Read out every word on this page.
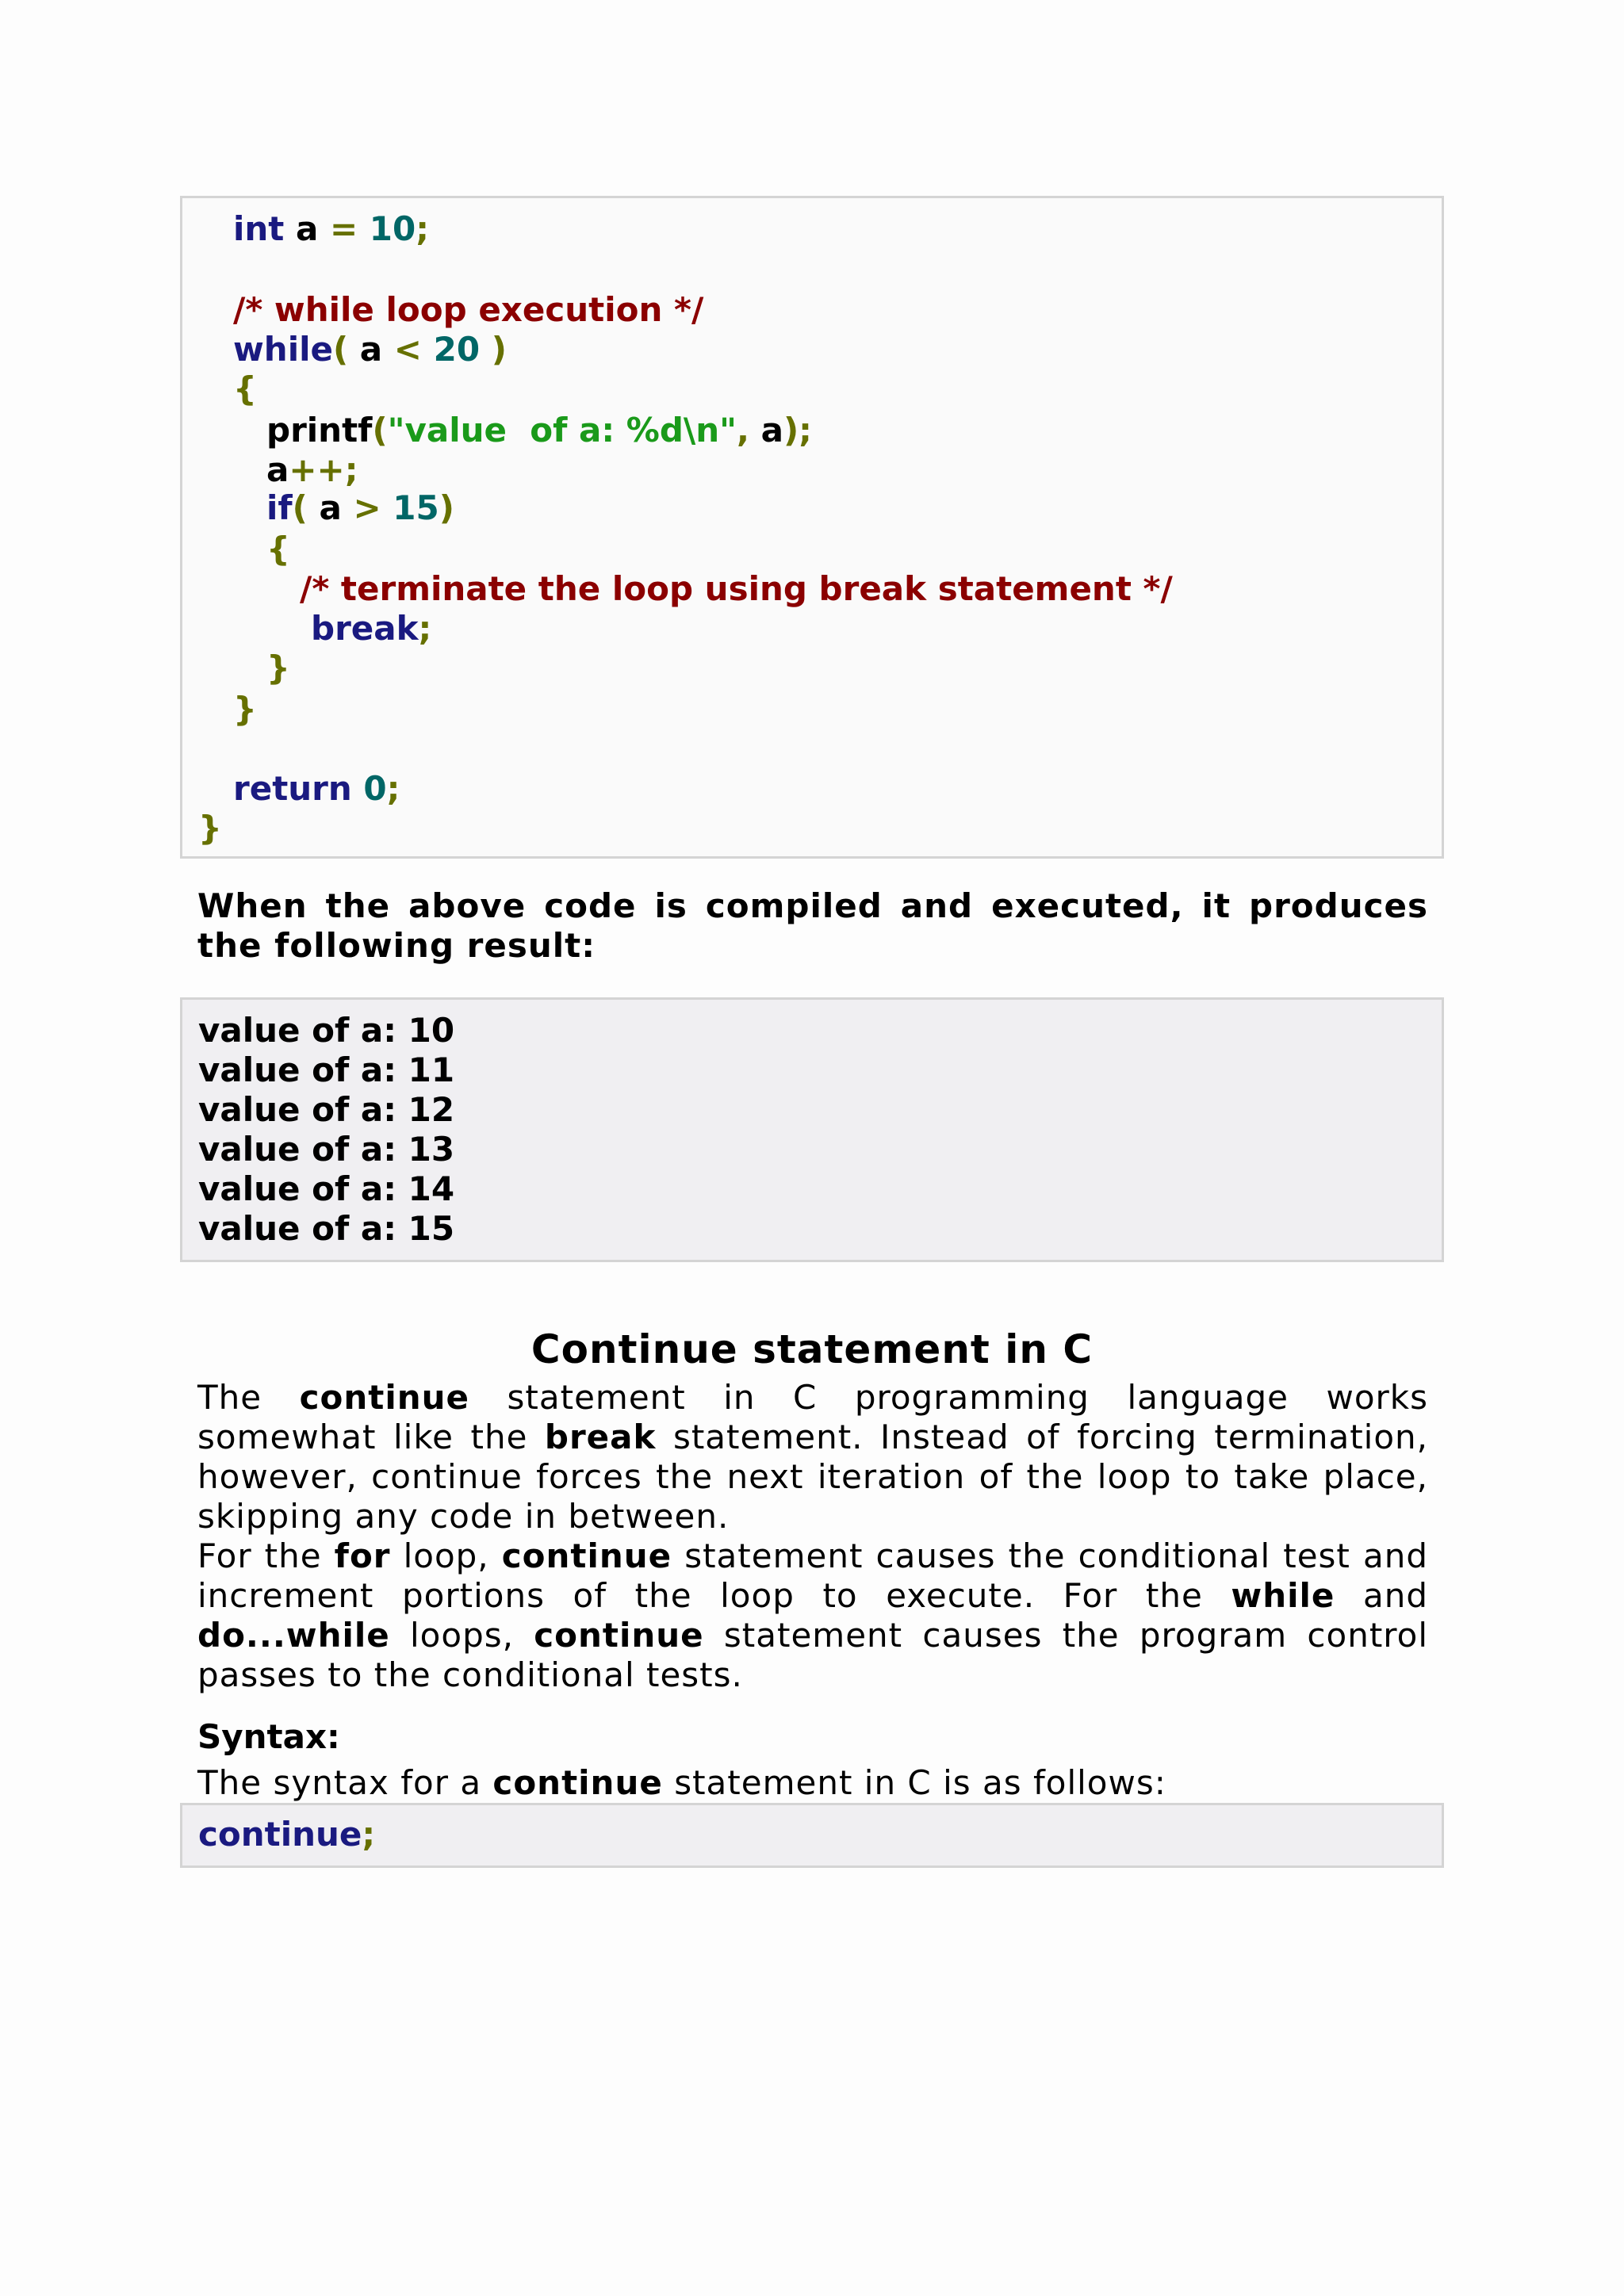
int a = 10;
/* while loop execution */
while( a < 20 )
{
printf("value  of a: %d\n", a);
a++;
if( a > 15)
{
/* terminate the loop using break statement */
break;
}
}
return 0;
}
When the above code is compiled and executed, it produces the following result:
value of a: 10
value of a: 11
value of a: 12
value of a: 13
value of a: 14
value of a: 15
Continue statement in C
The continue statement in C programming language works somewhat like the break statement. Instead of forcing termination, however, continue forces the next iteration of the loop to take place, skipping any code in between.
For the for loop, continue statement causes the conditional test and increment portions of the loop to execute. For the while and do...while loops, continue statement causes the program control passes to the conditional tests.
Syntax:
The syntax for a continue statement in C is as follows:
continue;
